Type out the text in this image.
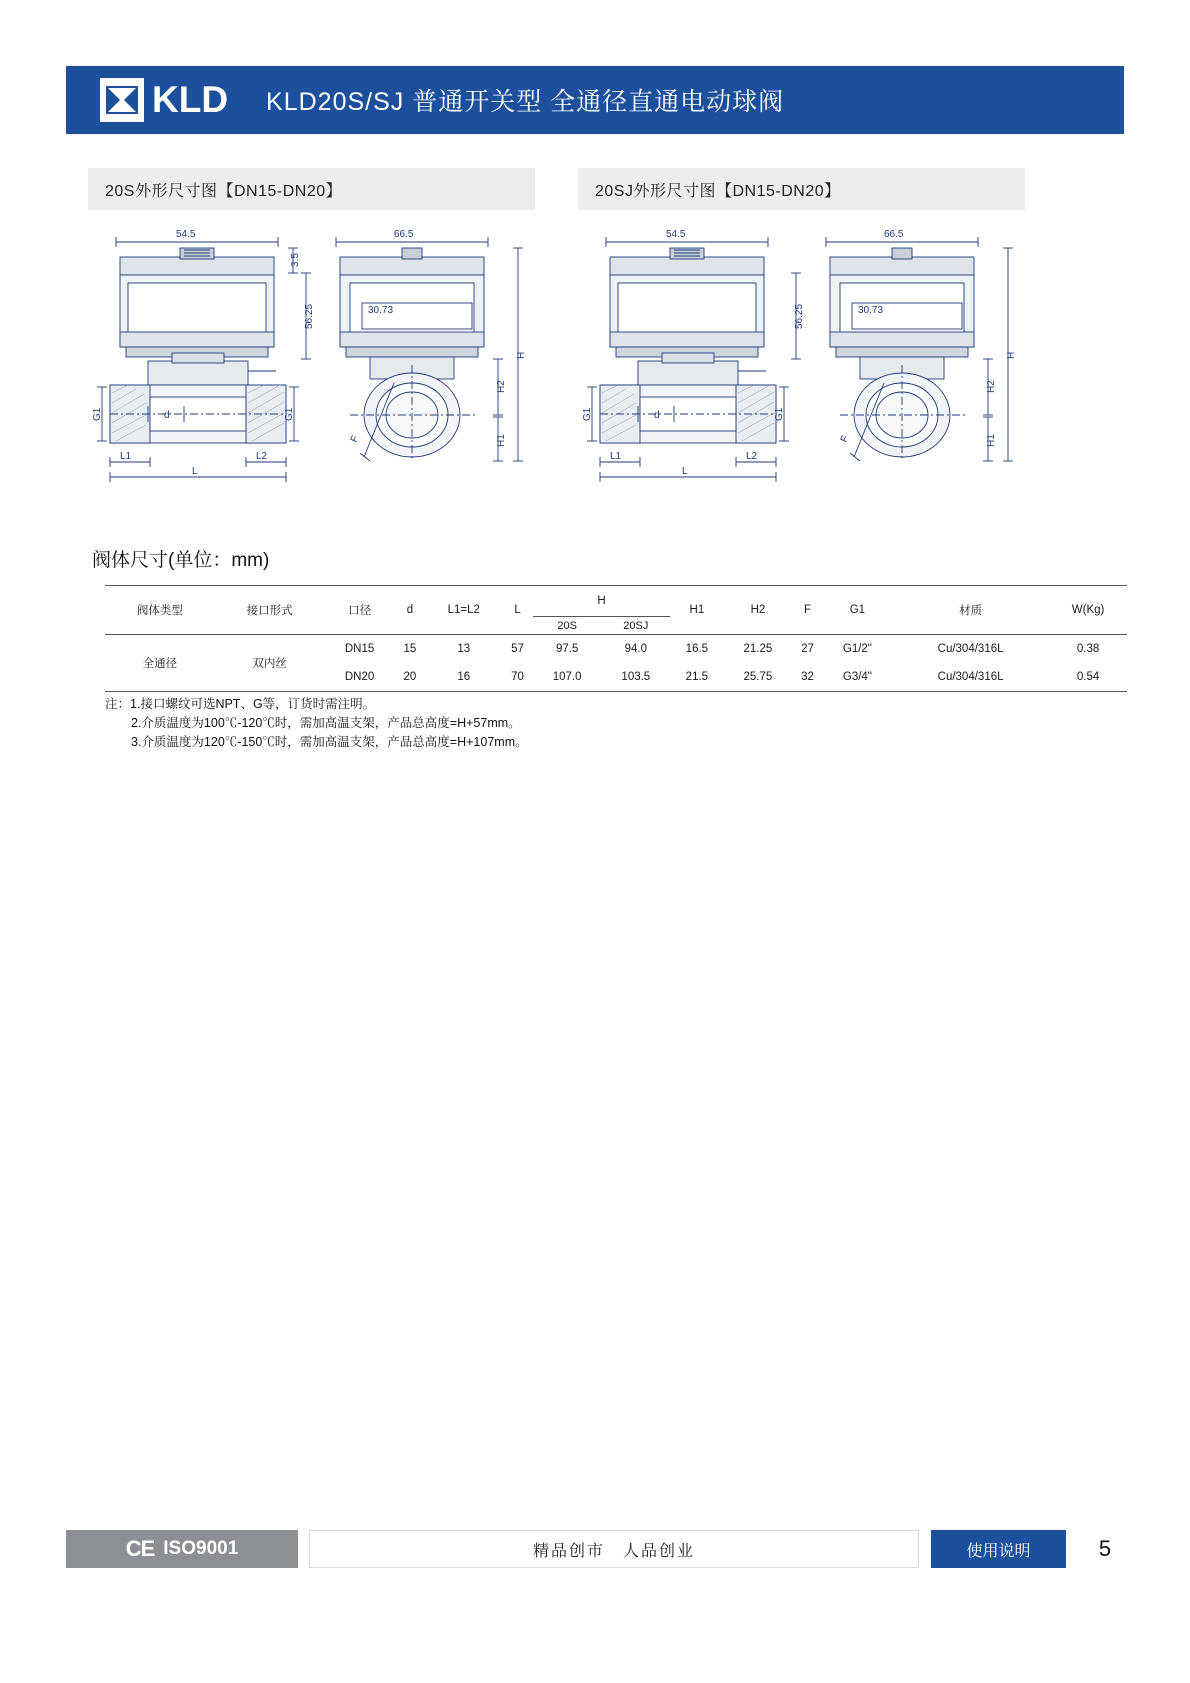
KLD KLD20S/SJ 普通开关型 全通径直通电动球阀
20S外形尺寸图【DN15-DN20】	20SJ外形尺寸图【DN15-DN20】
54.5
3.5
56.25
G1	G1
d
L1	L2
L
66.5
30.73
F
H
H2
H1
54.5
56.25
G1	G1
d
L1	L2
L
66.5
30.73
F
H
H2
H1
阀体尺寸(单位：mm)
阀体类型	接口形式	口径	d	L1=L2	L	H		H1	H2	F	G1	材质	W(Kg)
						20S	20SJ						
全通径	双内丝	DN15	15	13	57	97.5	94.0	16.5	21.25	27	G1/2"	Cu/304/316L	0.38
		DN20	20	16	70	107.0	103.5	21.5	25.75	32	G3/4"	Cu/304/316L	0.54
注：1.接口螺纹可选NPT、G等，订货时需注明。
2.介质温度为100℃-120℃时，需加高温支架，产品总高度=H+57mm。
3.介质温度为120℃-150℃时，需加高温支架，产品总高度=H+107mm。
CE ISO9001	精品创市　人品创业	使用说明	5
